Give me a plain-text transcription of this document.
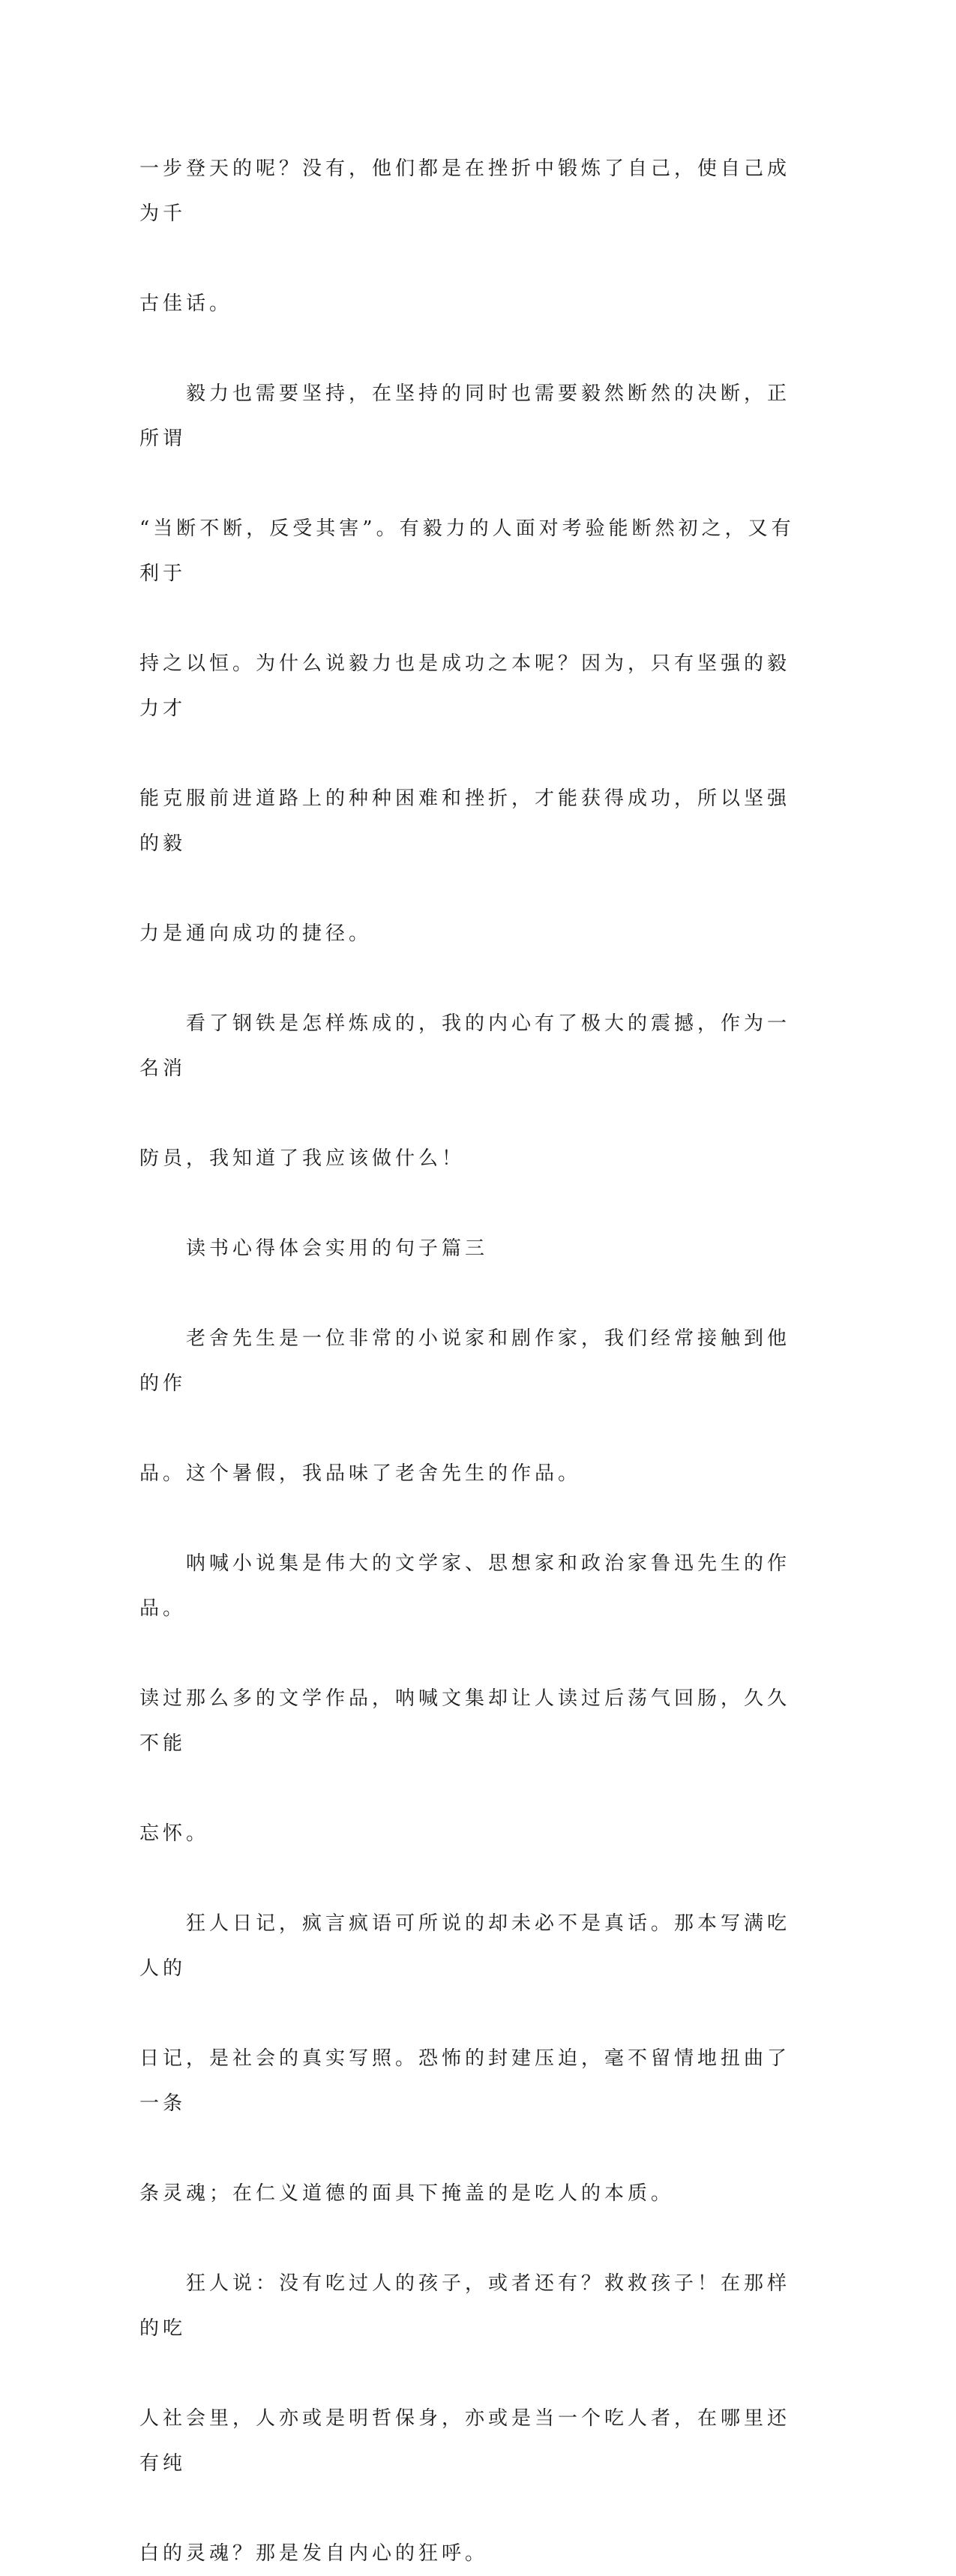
一步登天的呢？没有，他们都是在挫折中锻炼了自己，使自己成为千

古佳话。

　　毅力也需要坚持，在坚持的同时也需要毅然断然的决断，正所谓

“当断不断，反受其害”。有毅力的人面对考验能断然初之，又有利于

持之以恒。为什么说毅力也是成功之本呢？因为，只有坚强的毅力才

能克服前进道路上的种种困难和挫折，才能获得成功，所以坚强的毅

力是通向成功的捷径。

　　看了钢铁是怎样炼成的，我的内心有了极大的震撼，作为一名消

防员，我知道了我应该做什么！

　　读书心得体会实用的句子篇三

　　老舍先生是一位非常的小说家和剧作家，我们经常接触到他的作

品。这个暑假，我品味了老舍先生的作品。

　　呐喊小说集是伟大的文学家、思想家和政治家鲁迅先生的作品。

读过那么多的文学作品，呐喊文集却让人读过后荡气回肠，久久不能

忘怀。

　　狂人日记，疯言疯语可所说的却未必不是真话。那本写满吃人的

日记，是社会的真实写照。恐怖的封建压迫，毫不留情地扭曲了一条

条灵魂；在仁义道德的面具下掩盖的是吃人的本质。

　　狂人说：没有吃过人的孩子，或者还有？救救孩子！在那样的吃

人社会里，人亦或是明哲保身，亦或是当一个吃人者，在哪里还有纯

白的灵魂？那是发自内心的狂呼。
